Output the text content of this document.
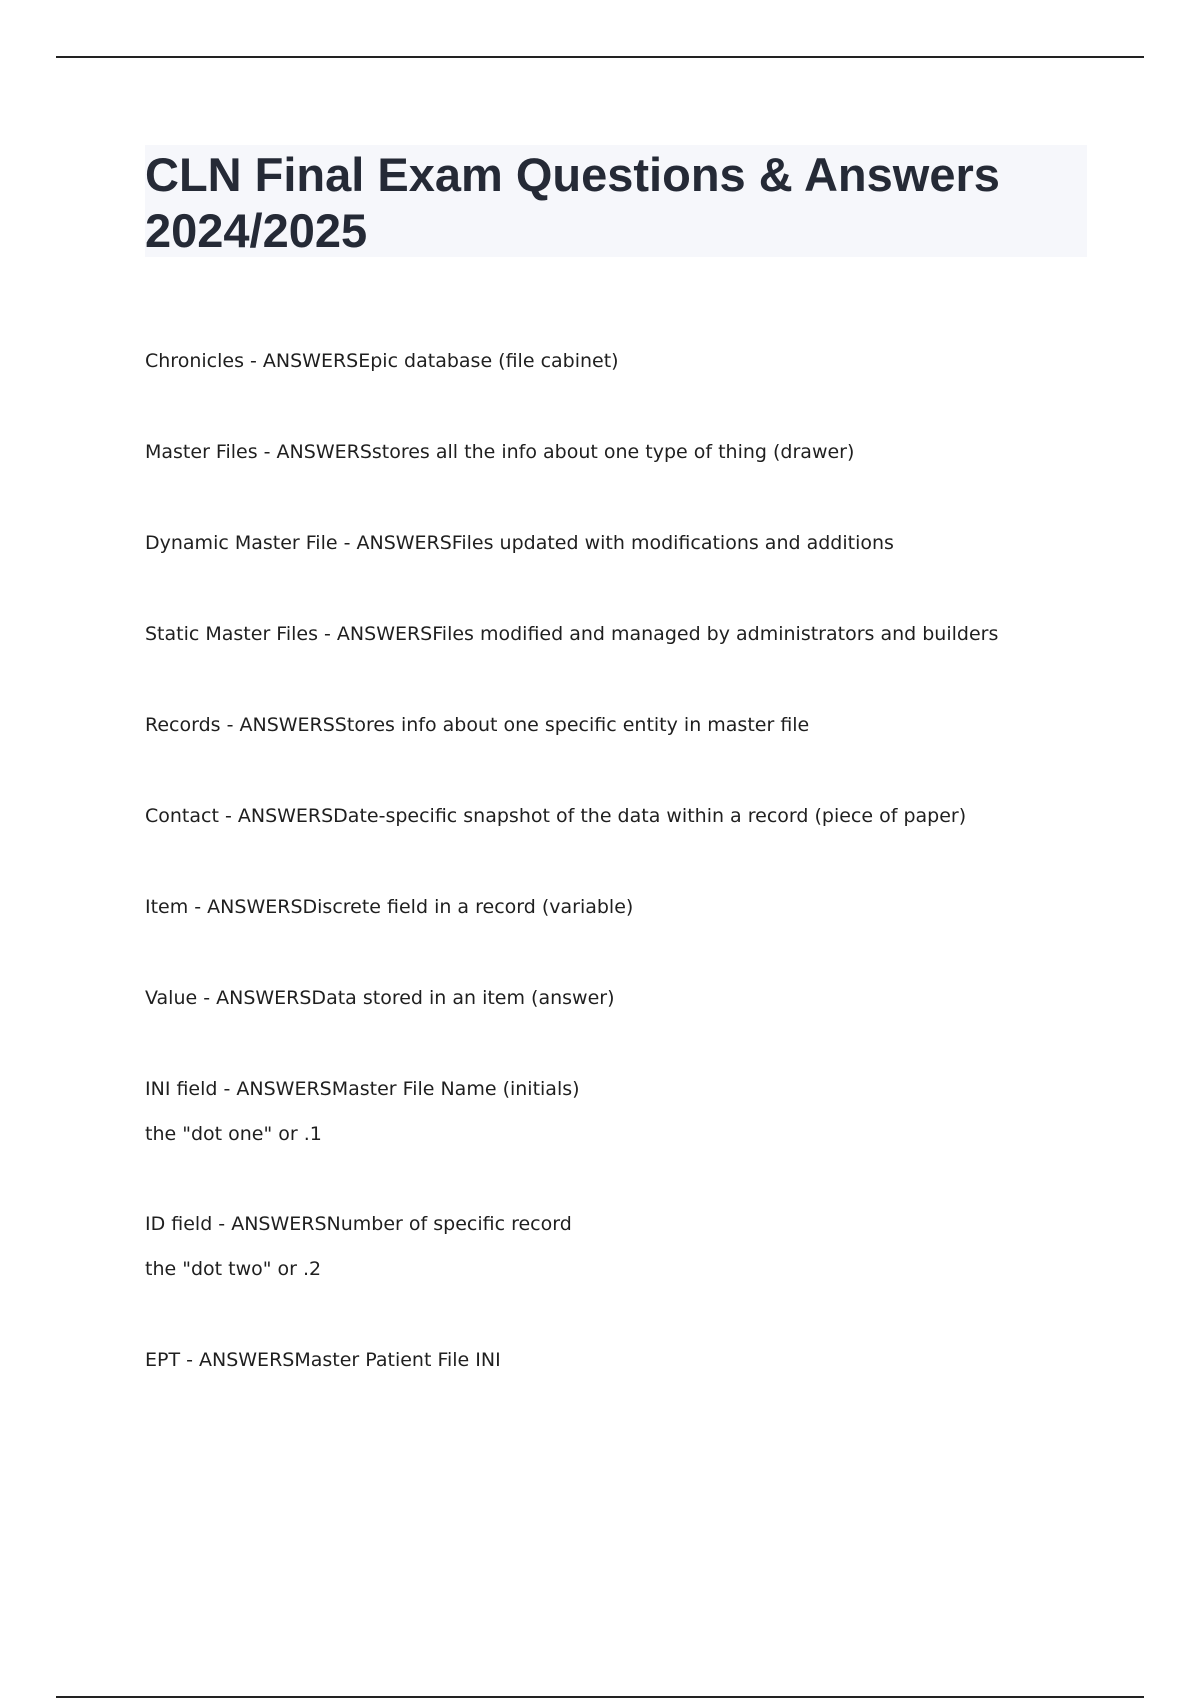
CLN Final Exam Questions & Answers 2024/2025
Chronicles - ANSWERSEpic database (file cabinet)
Master Files - ANSWERSstores all the info about one type of thing (drawer)
Dynamic Master File - ANSWERSFiles updated with modifications and additions
Static Master Files - ANSWERSFiles modified and managed by administrators and builders
Records - ANSWERSStores info about one specific entity in master file
Contact - ANSWERSDate-specific snapshot of the data within a record (piece of paper)
Item - ANSWERSDiscrete field in a record (variable)
Value - ANSWERSData stored in an item (answer)
INI field - ANSWERSMaster File Name (initials)
the "dot one" or .1
ID field - ANSWERSNumber of specific record
the "dot two" or .2
EPT - ANSWERSMaster Patient File INI
